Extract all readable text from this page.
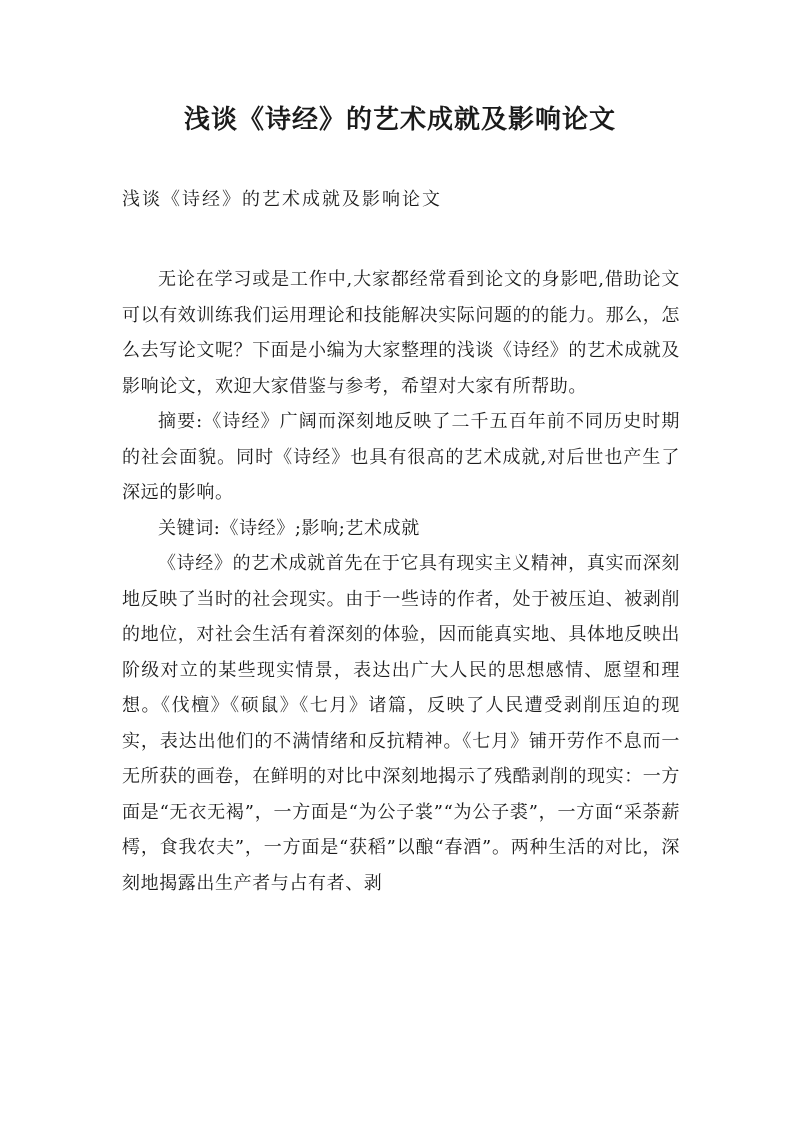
浅谈《诗经》的艺术成就及影响论文

浅谈《诗经》的艺术成就及影响论文

无论在学习或是工作中,大家都经常看到论文的身影吧,借助论文可以有效训练我们运用理论和技能解决实际问题的的能力。那么，怎么去写论文呢？下面是小编为大家整理的浅谈《诗经》的艺术成就及影响论文，欢迎大家借鉴与参考，希望对大家有所帮助。

摘要:《诗经》广阔而深刻地反映了二千五百年前不同历史时期的社会面貌。同时《诗经》也具有很高的艺术成就,对后世也产生了深远的影响。

关键词:《诗经》;影响;艺术成就

《诗经》的艺术成就首先在于它具有现实主义精神，真实而深刻地反映了当时的社会现实。由于一些诗的作者，处于被压迫、被剥削的地位，对社会生活有着深刻的体验，因而能真实地、具体地反映出阶级对立的某些现实情景，表达出广大人民的思想感情、愿望和理想。《伐檀》《硕鼠》《七月》诸篇，反映了人民遭受剥削压迫的现实，表达出他们的不满情绪和反抗精神。《七月》铺开劳作不息而一无所获的画卷，在鲜明的对比中深刻地揭示了残酷剥削的现实：一方面是“无衣无褐”，一方面是“为公子裳”“为公子裘”，一方面“采荼薪樗，食我农夫”，一方面是“获稻”以酿“春酒”。两种生活的对比，深刻地揭露出生产者与占有者、剥
